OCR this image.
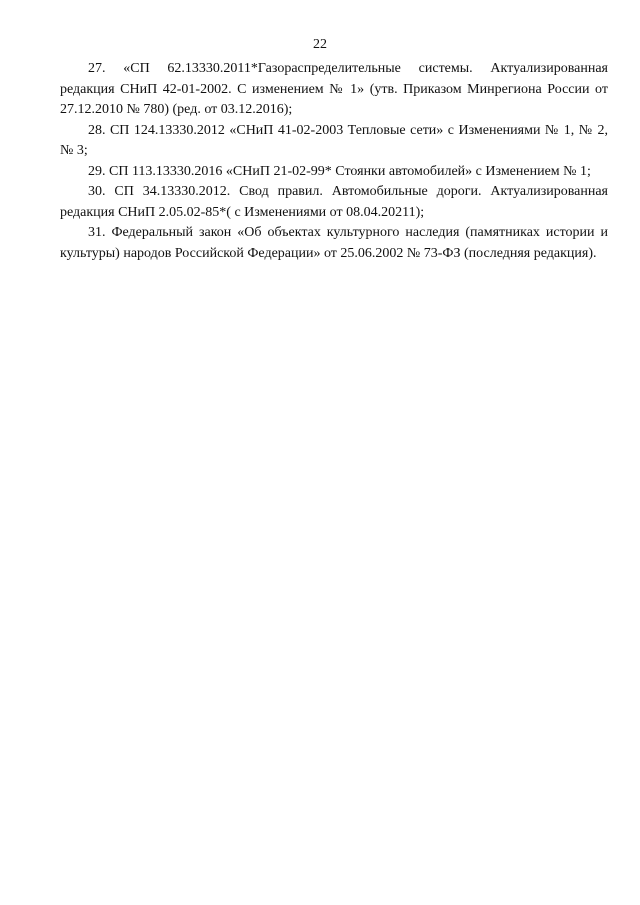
22

27. «СП 62.13330.2011*Газораспределительные системы. Актуализированная редакция СНиП 42-01-2002. С изменением № 1» (утв. Приказом Минрегиона России от 27.12.2010 № 780) (ред. от 03.12.2016);

28. СП 124.13330.2012 «СНиП 41-02-2003 Тепловые сети» с Изменениями № 1, № 2, № 3;

29. СП 113.13330.2016 «СНиП 21-02-99* Стоянки автомобилей» с Изменением № 1;

30. СП 34.13330.2012. Свод правил. Автомобильные дороги. Актуализированная редакция СНиП 2.05.02-85*( с Изменениями от 08.04.20211);

31. Федеральный закон «Об объектах культурного наследия (памятниках истории и культуры) народов Российской Федерации» от 25.06.2002 № 73-ФЗ (последняя редакция).
